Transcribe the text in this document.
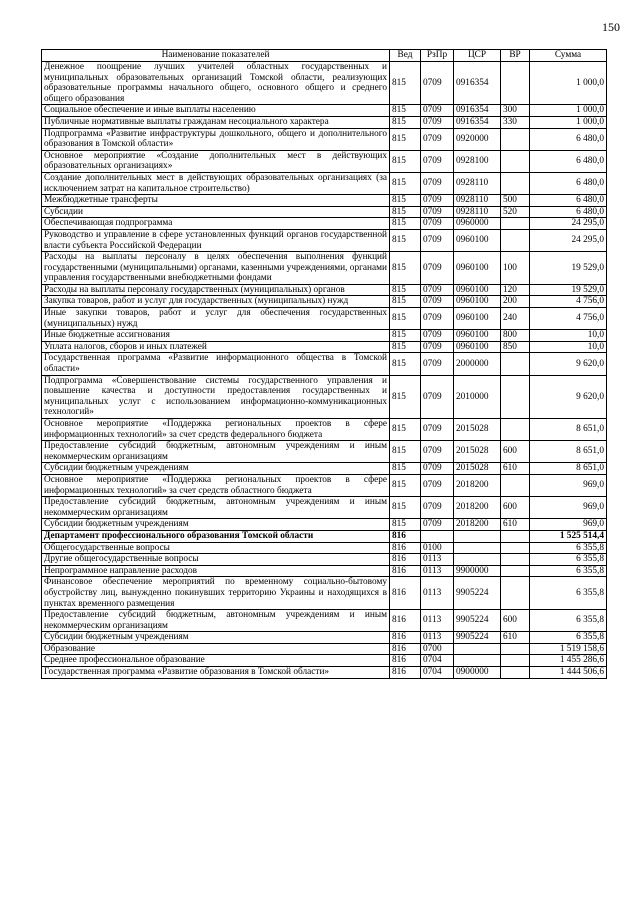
150
Наименование показателей	Вед	РзПр	ЦСР	ВР	Сумма
Денежное поощрение лучших учителей областных государственных и муниципальных образовательных организаций Томской области, реализующих образовательные программы начального общего, основного общего и среднего общего образования	815	0709	0916354		1 000,0
Социальное обеспечение и иные выплаты населению	815	0709	0916354	300	1 000,0
Публичные нормативные выплаты гражданам несоциального характера	815	0709	0916354	330	1 000,0
Подпрограмма «Развитие инфраструктуры дошкольного, общего и дополнительного образования в Томской области»	815	0709	0920000		6 480,0
Основное мероприятие «Создание дополнительных мест в действующих образовательных организациях»	815	0709	0928100		6 480,0
Создание дополнительных мест в действующих образовательных организациях (за исключением затрат на капитальное строительство)	815	0709	0928110		6 480,0
Межбюджетные трансферты	815	0709	0928110	500	6 480,0
Субсидии	815	0709	0928110	520	6 480,0
Обеспечивающая подпрограмма	815	0709	0960000		24 295,0
Руководство и управление в сфере установленных функций органов государственной власти субъекта Российской Федерации	815	0709	0960100		24 295,0
Расходы на выплаты персоналу в целях обеспечения выполнения функций государственными (муниципальными) органами, казенными учреждениями, органами управления государственными внебюджетными фондами	815	0709	0960100	100	19 529,0
Расходы на выплаты персоналу государственных (муниципальных) органов	815	0709	0960100	120	19 529,0
Закупка товаров, работ и услуг для государственных (муниципальных) нужд	815	0709	0960100	200	4 756,0
Иные закупки товаров, работ и услуг для обеспечения государственных (муниципальных) нужд	815	0709	0960100	240	4 756,0
Иные бюджетные ассигнования	815	0709	0960100	800	10,0
Уплата налогов, сборов и иных платежей	815	0709	0960100	850	10,0
Государственная программа «Развитие информационного общества в Томской области»	815	0709	2000000		9 620,0
Подпрограмма «Совершенствование системы государственного управления и повышение качества и доступности предоставления государственных и муниципальных услуг с использованием информационно-коммуникационных технологий»	815	0709	2010000		9 620,0
Основное мероприятие «Поддержка региональных проектов в сфере информационных технологий» за счет средств федерального бюджета	815	0709	2015028		8 651,0
Предоставление субсидий бюджетным, автономным учреждениям и иным некоммерческим организациям	815	0709	2015028	600	8 651,0
Субсидии бюджетным учреждениям	815	0709	2015028	610	8 651,0
Основное мероприятие «Поддержка региональных проектов в сфере информационных технологий» за счет средств областного бюджета	815	0709	2018200		969,0
Предоставление субсидий бюджетным, автономным учреждениям и иным некоммерческим организациям	815	0709	2018200	600	969,0
Субсидии бюджетным учреждениям	815	0709	2018200	610	969,0
Департамент профессионального образования Томской области	816				1 525 514,4
Общегосударственные вопросы	816	0100			6 355,8
Другие общегосударственные вопросы	816	0113			6 355,8
Непрограммное направление расходов	816	0113	9900000		6 355,8
Финансовое обеспечение мероприятий по временному социально-бытовому обустройству лиц, вынужденно покинувших территорию Украины и находящихся в пунктах временного размещения	816	0113	9905224		6 355,8
Предоставление субсидий бюджетным, автономным учреждениям и иным некоммерческим организациям	816	0113	9905224	600	6 355,8
Субсидии бюджетным учреждениям	816	0113	9905224	610	6 355,8
Образование	816	0700			1 519 158,6
Среднее профессиональное образование	816	0704			1 455 286,6
Государственная программа «Развитие образования в Томской области»	816	0704	0900000		1 444 506,6
